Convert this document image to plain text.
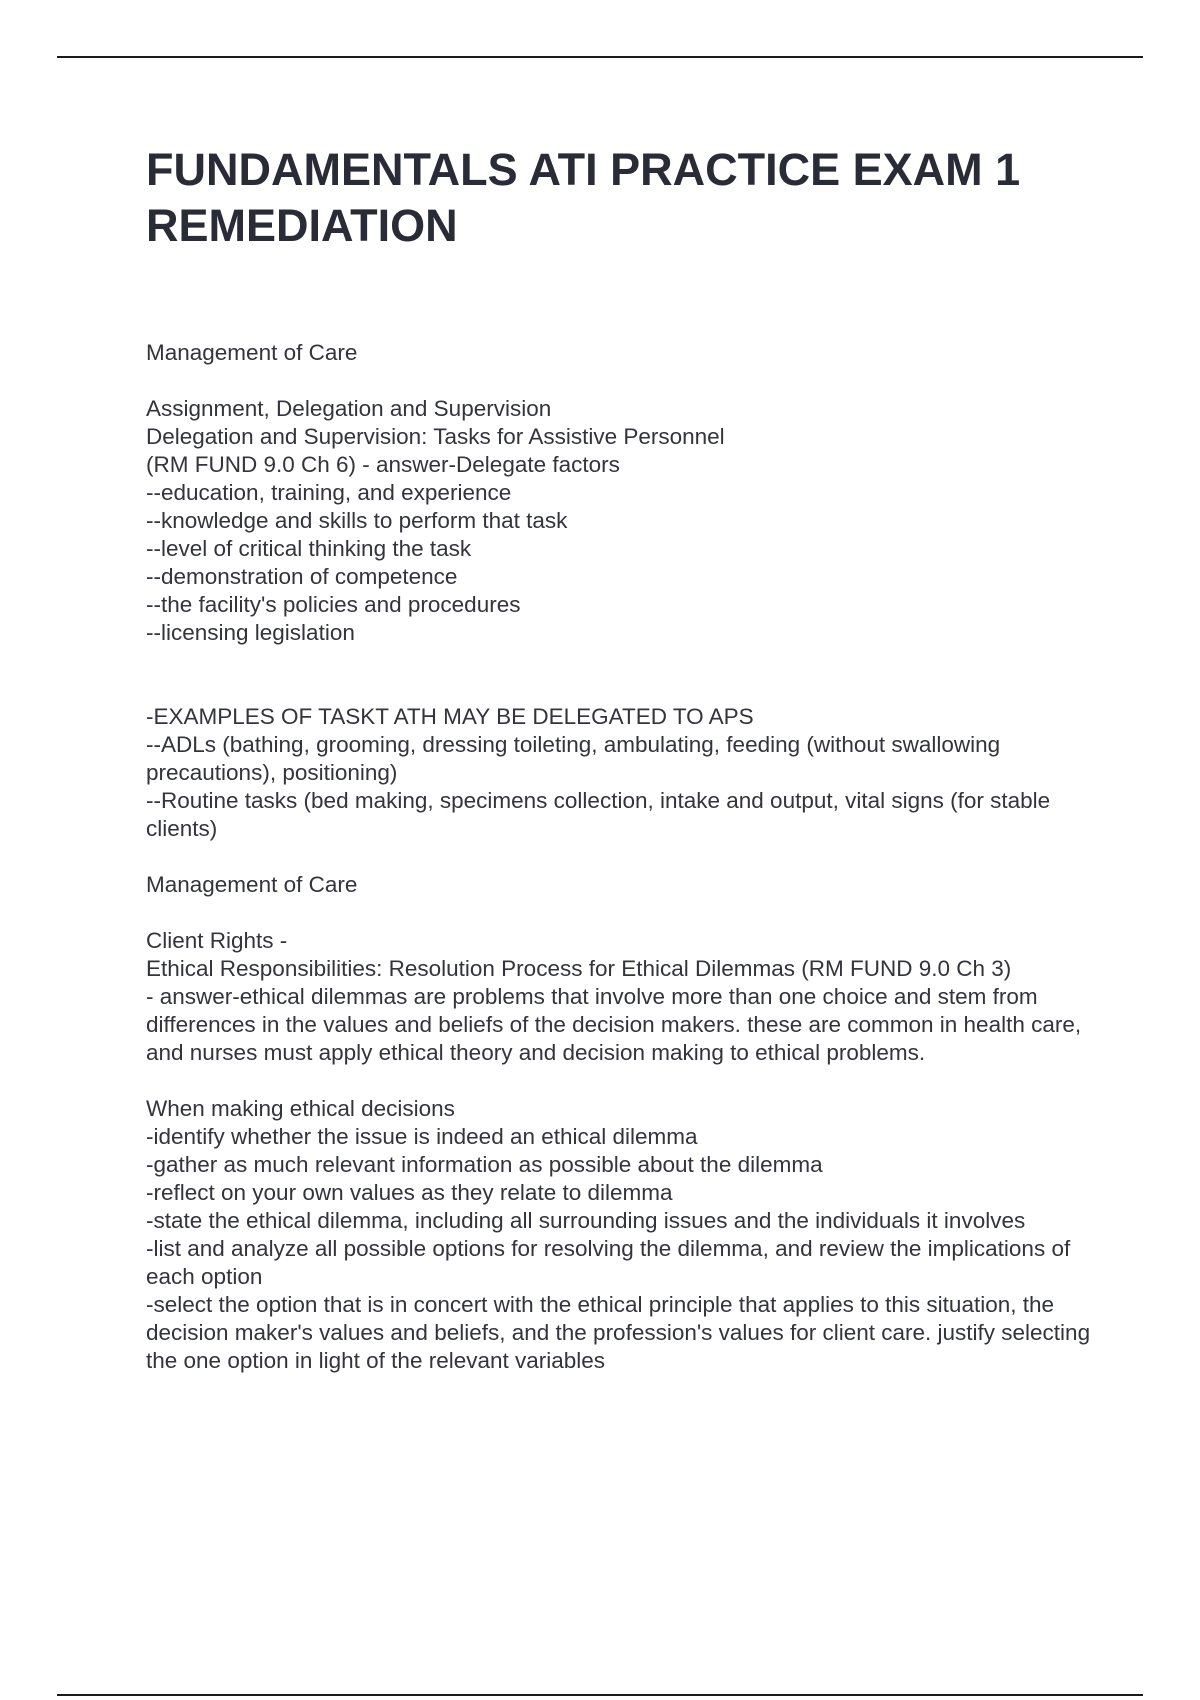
FUNDAMENTALS ATI PRACTICE EXAM 1
REMEDIATION
Management of Care
Assignment, Delegation and Supervision
Delegation and Supervision: Tasks for Assistive Personnel
(RM FUND 9.0 Ch 6) - answer-Delegate factors
--education, training, and experience
--knowledge and skills to perform that task
--level of critical thinking the task
--demonstration of competence
--the facility's policies and procedures
--licensing legislation
-EXAMPLES OF TASKT ATH MAY BE DELEGATED TO APS
--ADLs (bathing, grooming, dressing toileting, ambulating, feeding (without swallowing precautions), positioning)
--Routine tasks (bed making, specimens collection, intake and output, vital signs (for stable clients)
Management of Care
Client Rights -
Ethical Responsibilities: Resolution Process for Ethical Dilemmas (RM FUND 9.0 Ch 3)
- answer-ethical dilemmas are problems that involve more than one choice and stem from differences in the values and beliefs of the decision makers. these are common in health care, and nurses must apply ethical theory and decision making to ethical problems.
When making ethical decisions
-identify whether the issue is indeed an ethical dilemma
-gather as much relevant information as possible about the dilemma
-reflect on your own values as they relate to dilemma
-state the ethical dilemma, including all surrounding issues and the individuals it involves
-list and analyze all possible options for resolving the dilemma, and review the implications of each option
-select the option that is in concert with the ethical principle that applies to this situation, the decision maker's values and beliefs, and the profession's values for client care. justify selecting the one option in light of the relevant variables
